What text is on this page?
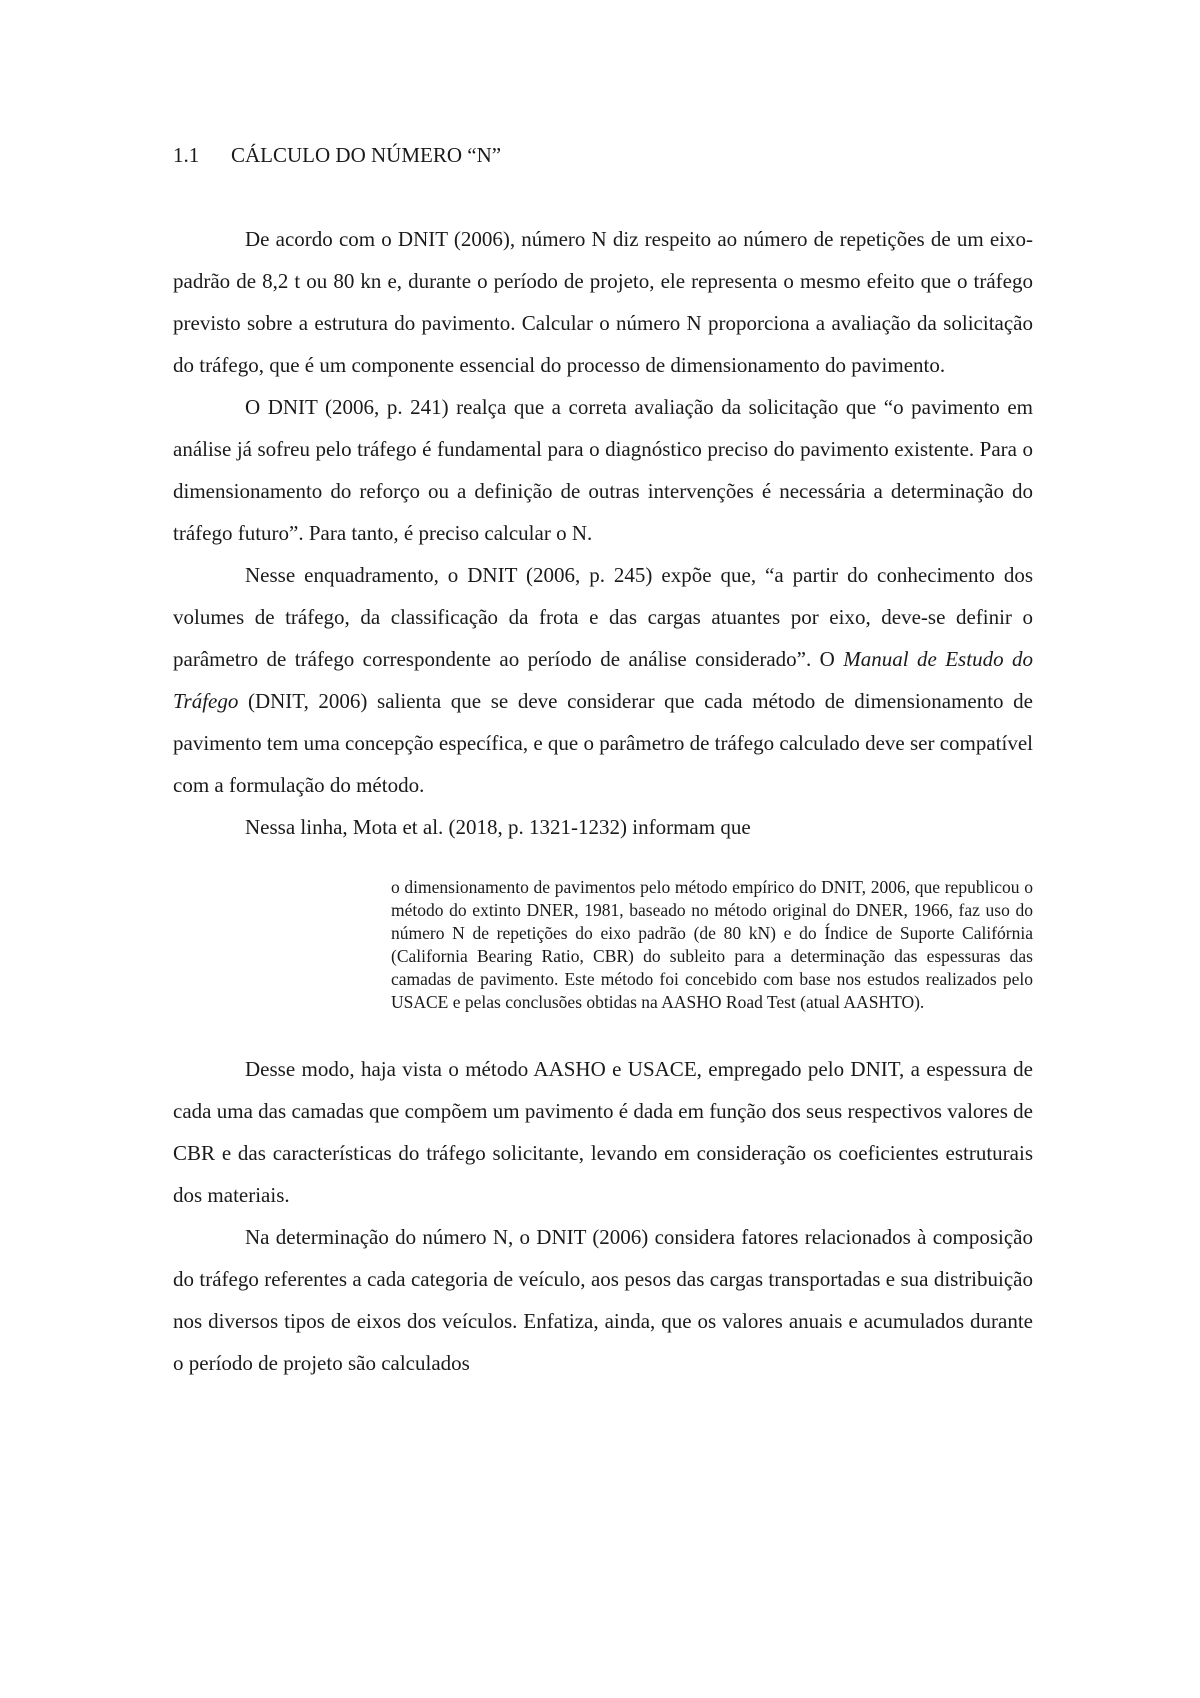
1.1	CÁLCULO DO NÚMERO “N”

De acordo com o DNIT (2006), número N diz respeito ao número de repetições de um eixo-padrão de 8,2 t ou 80 kn e, durante o período de projeto, ele representa o mesmo efeito que o tráfego previsto sobre a estrutura do pavimento. Calcular o número N proporciona a avaliação da solicitação do tráfego, que é um componente essencial do processo de dimensionamento do pavimento.

O DNIT (2006, p. 241) realça que a correta avaliação da solicitação que “o pavimento em análise já sofreu pelo tráfego é fundamental para o diagnóstico preciso do pavimento existente. Para o dimensionamento do reforço ou a definição de outras intervenções é necessária a determinação do tráfego futuro”. Para tanto, é preciso calcular o N.

Nesse enquadramento, o DNIT (2006, p. 245) expõe que, “a partir do conhecimento dos volumes de tráfego, da classificação da frota e das cargas atuantes por eixo, deve-se definir o parâmetro de tráfego correspondente ao período de análise considerado”. O Manual de Estudo do Tráfego (DNIT, 2006) salienta que se deve considerar que cada método de dimensionamento de pavimento tem uma concepção específica, e que o parâmetro de tráfego calculado deve ser compatível com a formulação do método.

Nessa linha, Mota et al. (2018, p. 1321-1232) informam que

o dimensionamento de pavimentos pelo método empírico do DNIT, 2006, que republicou o método do extinto DNER, 1981, baseado no método original do DNER, 1966, faz uso do número N de repetições do eixo padrão (de 80 kN) e do Índice de Suporte Califórnia (California Bearing Ratio, CBR) do subleito para a determinação das espessuras das camadas de pavimento. Este método foi concebido com base nos estudos realizados pelo USACE e pelas conclusões obtidas na AASHO Road Test (atual AASHTO).

Desse modo, haja vista o método AASHO e USACE, empregado pelo DNIT, a espessura de cada uma das camadas que compõem um pavimento é dada em função dos seus respectivos valores de CBR e das características do tráfego solicitante, levando em consideração os coeficientes estruturais dos materiais.

Na determinação do número N, o DNIT (2006) considera fatores relacionados à composição do tráfego referentes a cada categoria de veículo, aos pesos das cargas transportadas e sua distribuição nos diversos tipos de eixos dos veículos. Enfatiza, ainda, que os valores anuais e acumulados durante o período de projeto são calculados
